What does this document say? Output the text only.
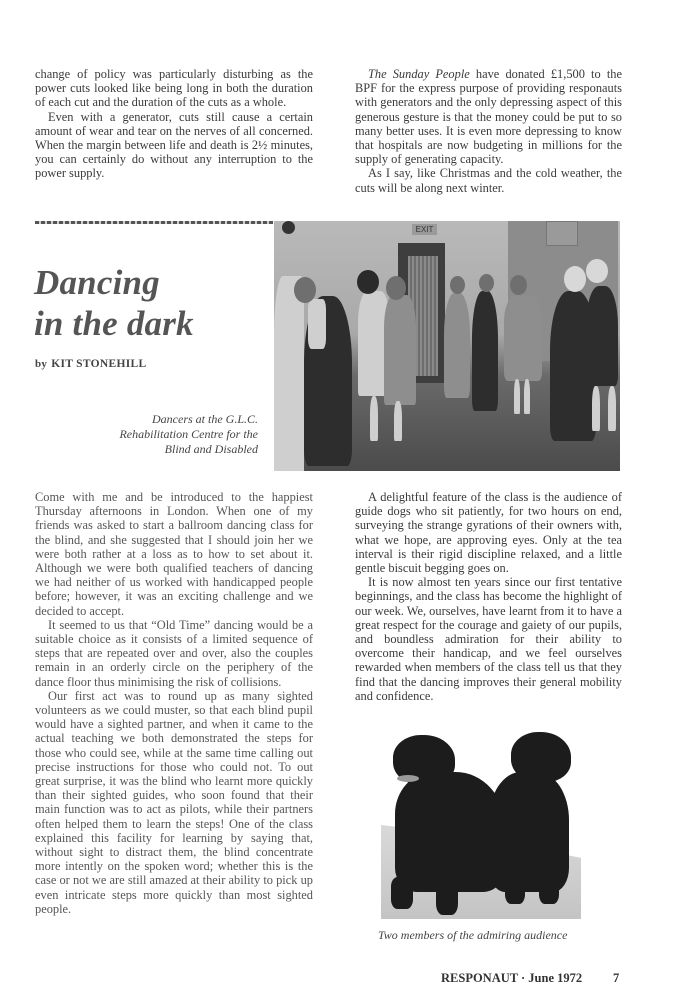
change of policy was particularly disturbing as the power cuts looked like being long in both the duration of each cut and the duration of the cuts as a whole.

Even with a generator, cuts still cause a certain amount of wear and tear on the nerves of all concerned. When the margin between life and death is 2½ minutes, you can certainly do without any interruption to the power supply.

The Sunday People have donated £1,500 to the BPF for the express purpose of providing responauts with generators and the only depressing aspect of this generous gesture is that the money could be put to so many better uses. It is even more depressing to know that hospitals are now budgeting in millions for the supply of generating capacity.

As I say, like Christmas and the cold weather, the cuts will be along next winter.

Dancing
in the dark
by KIT STONEHILL
Dancers at the G.L.C.
Rehabilitation Centre for the
Blind and Disabled
EXIT

Come with me and be introduced to the happiest Thursday afternoons in London. When one of my friends was asked to start a ballroom dancing class for the blind, and she suggested that I should join her we were both rather at a loss as to how to set about it. Although we were both qualified teachers of dancing we had neither of us worked with handicapped people before; however, it was an exciting challenge and we decided to accept.

It seemed to us that “Old Time” dancing would be a suitable choice as it consists of a limited sequence of steps that are repeated over and over, also the couples remain in an orderly circle on the periphery of the dance floor thus minimising the risk of collisions.

Our first act was to round up as many sighted volunteers as we could muster, so that each blind pupil would have a sighted partner, and when it came to the actual teaching we both demonstrated the steps for those who could see, while at the same time calling out precise instructions for those who could not. To out great surprise, it was the blind who learnt more quickly than their sighted guides, who soon found that their main function was to act as pilots, while their partners often helped them to learn the steps! One of the class explained this facility for learning by saying that, without sight to distract them, the blind concentrate more intently on the spoken word; whether this is the case or not we are still amazed at their ability to pick up even intricate steps more quickly than most sighted people.

A delightful feature of the class is the audience of guide dogs who sit patiently, for two hours on end, surveying the strange gyrations of their owners with, what we hope, are approving eyes. Only at the tea interval is their rigid discipline relaxed, and a little gentle biscuit begging goes on.

It is now almost ten years since our first tentative beginnings, and the class has become the highlight of our week. We, ourselves, have learnt from it to have a great respect for the courage and gaiety of our pupils, and boundless admiration for their ability to overcome their handicap, and we feel ourselves rewarded when members of the class tell us that they find that the dancing improves their general mobility and confidence.

Two members of the admiring audience
RESPONAUT · June 1972 7
